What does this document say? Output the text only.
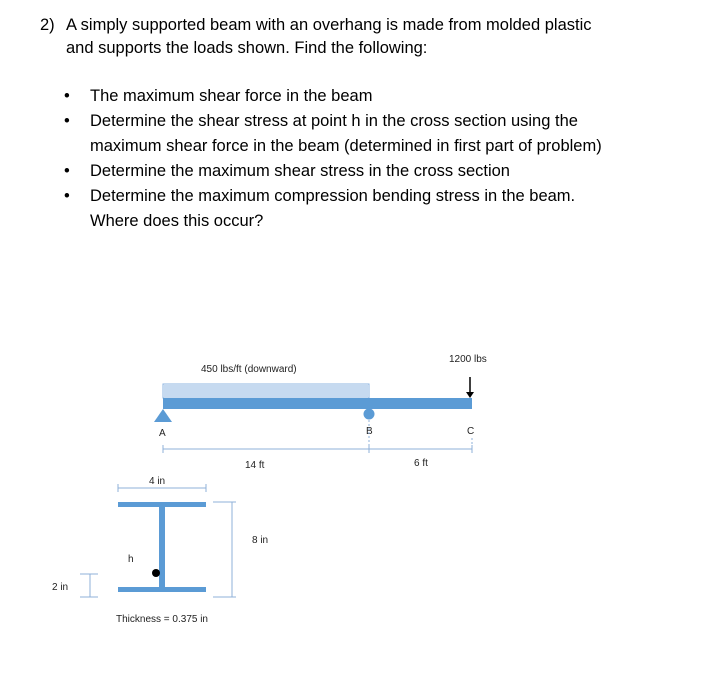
2) A simply supported beam with an overhang is made from molded plastic
and supports the loads shown. Find the following:
• The maximum shear force in the beam
• Determine the shear stress at point h in the cross section using the
maximum shear force in the beam (determined in first part of problem)
• Determine the maximum shear stress in the cross section
• Determine the maximum compression bending stress in the beam.
Where does this occur?
450 lbs/ft (downward)
1200 lbs
A	B	C
14 ft	6 ft
h
4 in
8 in
2 in
Thickness = 0.375 in
